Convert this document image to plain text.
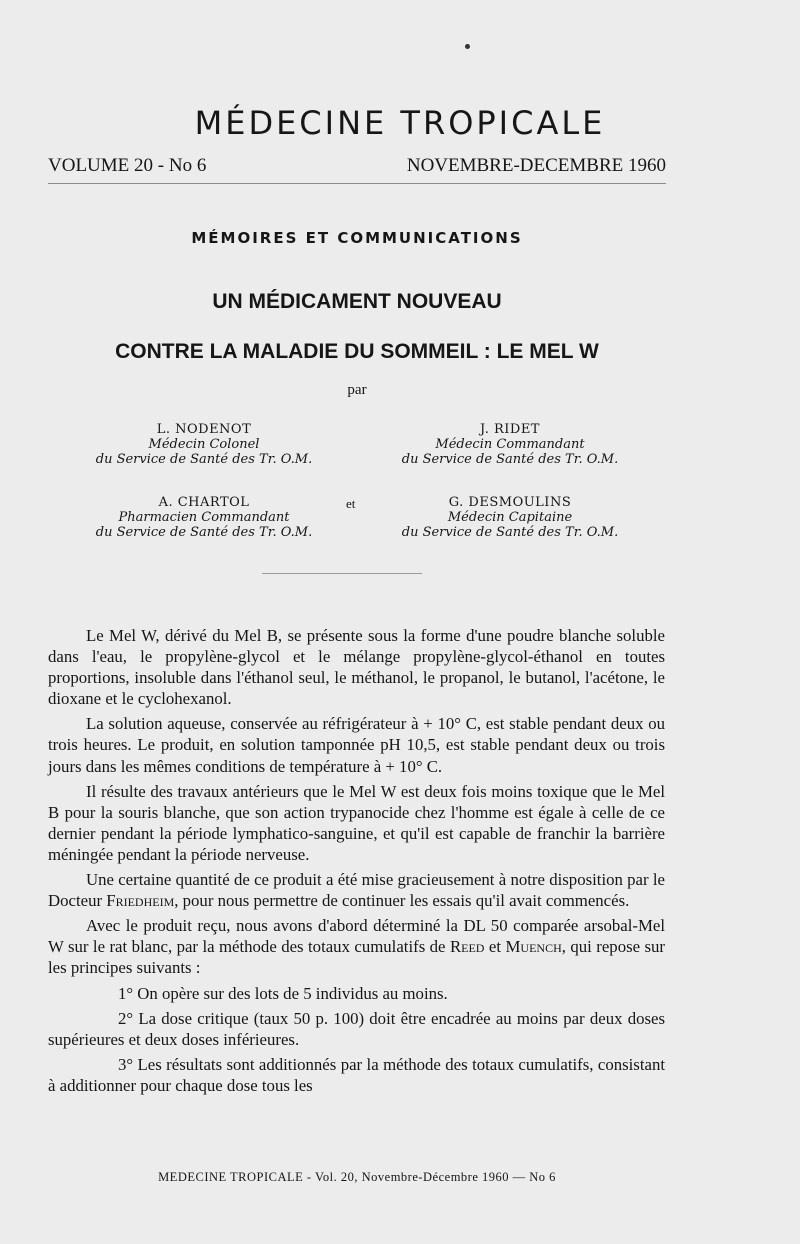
MÉDECINE TROPICALE
VOLUME 20 - No 6	NOVEMBRE-DECEMBRE 1960
MÉMOIRES ET COMMUNICATIONS
UN MÉDICAMENT NOUVEAU
CONTRE LA MALADIE DU SOMMEIL : LE MEL W
par
L. NODENOT
Médecin Colonel
du Service de Santé des Tr. O.M.
J. RIDET
Médecin Commandant
du Service de Santé des Tr. O.M.
A. CHARTOL
Pharmacien Commandant
du Service de Santé des Tr. O.M.
et	G. DESMOULINS
Médecin Capitaine
du Service de Santé des Tr. O.M.

Le Mel W, dérivé du Mel B, se présente sous la forme d'une poudre blanche soluble dans l'eau, le propylène-glycol et le mélange propylène-glycol-éthanol en toutes proportions, insoluble dans l'éthanol seul, le méthanol, le propanol, le butanol, l'acétone, le dioxane et le cyclohexanol.

La solution aqueuse, conservée au réfrigérateur à + 10° C, est stable pendant deux ou trois heures. Le produit, en solution tamponnée pH 10,5, est stable pendant deux ou trois jours dans les mêmes conditions de température à + 10° C.

Il résulte des travaux antérieurs que le Mel W est deux fois moins toxique que le Mel B pour la souris blanche, que son action trypanocide chez l'homme est égale à celle de ce dernier pendant la période lymphatico-sanguine, et qu'il est capable de franchir la barrière méningée pendant la période nerveuse.

Une certaine quantité de ce produit a été mise gracieusement à notre disposition par le Docteur Friedheim, pour nous permettre de continuer les essais qu'il avait commencés.

Avec le produit reçu, nous avons d'abord déterminé la DL 50 comparée arsobal-Mel W sur le rat blanc, par la méthode des totaux cumulatifs de Reed et Muench, qui repose sur les principes suivants :

1° On opère sur des lots de 5 individus au moins.

2° La dose critique (taux 50 p. 100) doit être encadrée au moins par deux doses supérieures et deux doses inférieures.

3° Les résultats sont additionnés par la méthode des totaux cumulatifs, consistant à additionner pour chaque dose tous les

MEDECINE TROPICALE - Vol. 20, Novembre-Décembre 1960 — No 6
